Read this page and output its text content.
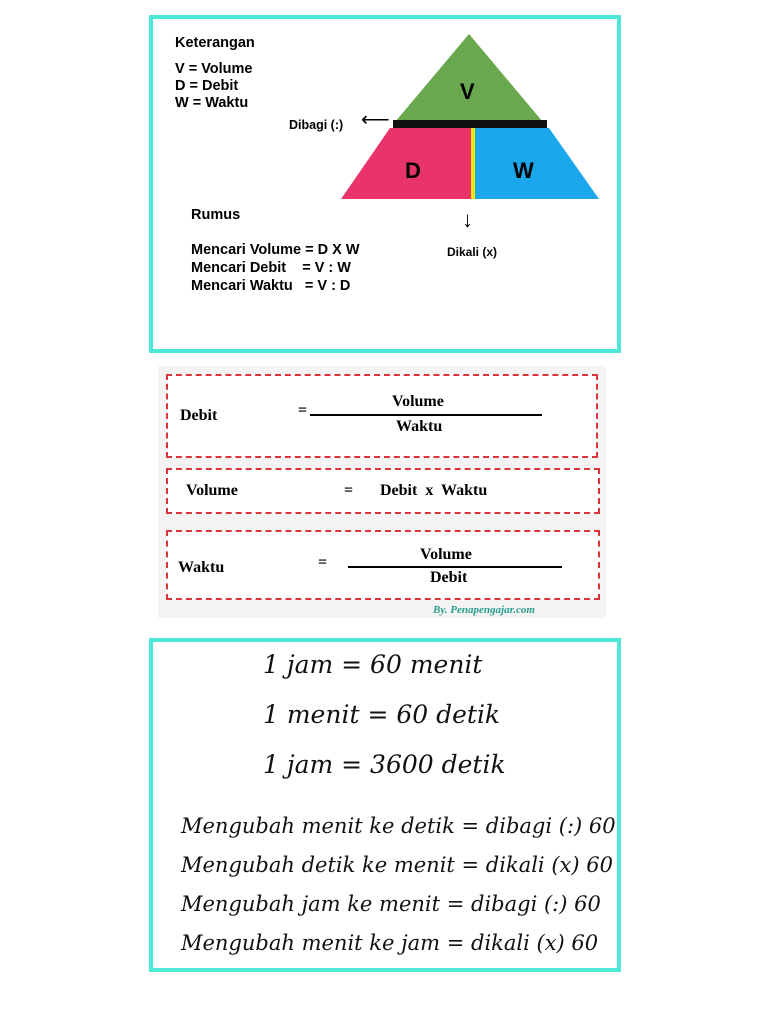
Keterangan
V = Volume
D = Debit
W = Waktu	V
D	W
Dibagi (:) ⟵
↓
Dikali (x)
Rumus
Mencari Volume = D X W
Mencari Debit    = V : W
Mencari Waktu   = V : D
Debit	=
Volume
Waktu
Volume	= Debit  x  Waktu
Waktu	=	Volume
Debit
By. Penapengajar.com
1 jam = 60 menit
1 menit = 60 detik
1 jam = 3600 detik
Mengubah menit ke detik = dibagi (:) 60
Mengubah detik ke menit = dikali (x) 60
Mengubah jam ke menit = dibagi (:) 60
Mengubah menit ke jam = dikali (x) 60
